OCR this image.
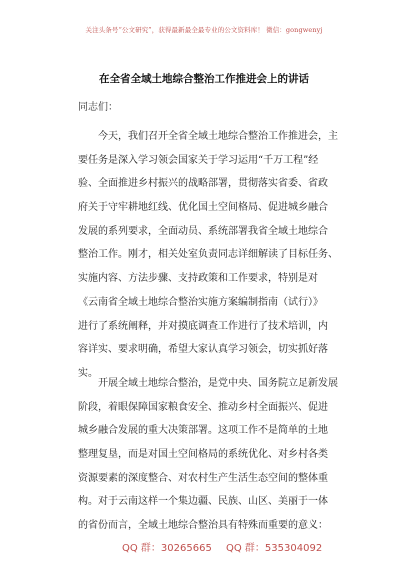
关注头条号“公文研究”，获得最新最全最专业的公文资料库！ 微信：gongwenyj
在全省全域土地综合整治工作推进会上的讲话
同志们：
今天，我们召开全省全域土地综合整治工作推进会，主
要任务是深入学习领会国家关于学习运用“千万工程”经
验、全面推进乡村振兴的战略部署，贯彻落实省委、省政
府关于守牢耕地红线、优化国土空间格局、促进城乡融合
发展的系列要求，全面动员、系统部署我省全域土地综合
整治工作。刚才，相关处室负责同志详细解读了目标任务、
实施内容、方法步骤、支持政策和工作要求，特别是对
《云南省全域土地综合整治实施方案编制指南（试行）》
进行了系统阐释，并对摸底调查工作进行了技术培训，内
容详实、要求明确，希望大家认真学习领会，切实抓好落
实。
开展全域土地综合整治，是党中央、国务院立足新发展
阶段，着眼保障国家粮食安全、推动乡村全面振兴、促进
城乡融合发展的重大决策部署。这项工作不是简单的土地
整理复垦，而是对国土空间格局的系统优化、对乡村各类
资源要素的深度整合、对农村生产生活生态空间的整体重
构。对于云南这样一个集边疆、民族、山区、美丽于一体
的省份而言，全域土地综合整治具有特殊而重要的意义：
QQ 群：30265665 QQ 群：535304092
